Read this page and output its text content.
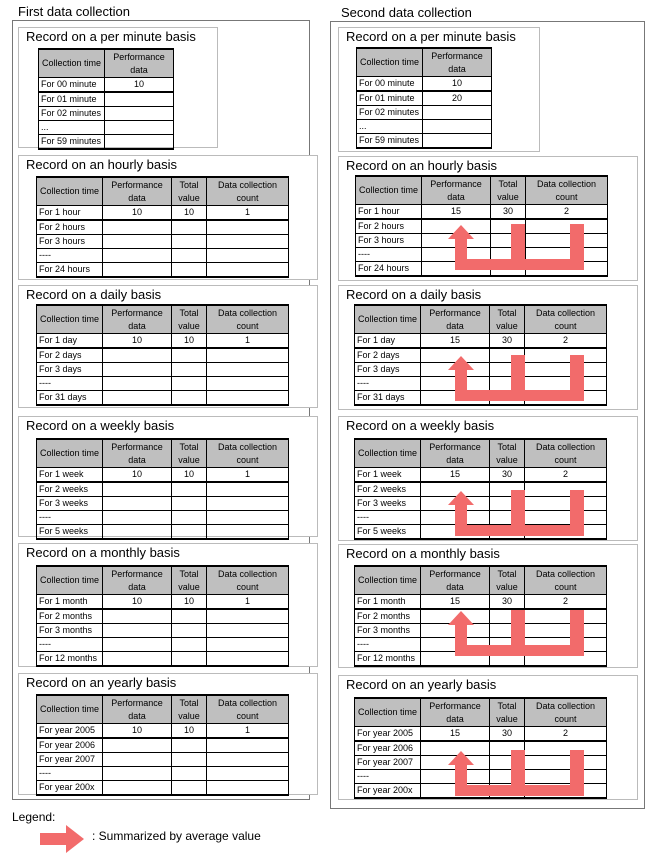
First data collection	Second data collection
Record on a per minute basis
Collection time	Performance data
For 00 minute	10
For 01 minute	
For 02 minutes	
...	
For 59 minutes	
Record on a per minute basis
Collection time	Performance data
For 00 minute	10
For 01 minute	20
For 02 minutes	
...	
For 59 minutes	
Record on an hourly basis
Collection time	Performance data	Total value	Data collection count
For 1 hour	10	10	1
For 2 hours			
For 3 hours			
----			
For 24 hours			
Record on an hourly basis
Collection time	Performance data	Total value	Data collection count
For 1 hour	15	30	2
For 2 hours			
For 3 hours			
----			
For 24 hours			
Record on a daily basis
Collection time	Performance data	Total value	Data collection count
For 1 day	10	10	1
For 2 days			
For 3 days			
----			
For 31 days			
Record on a daily basis
Collection time	Performance data	Total value	Data collection count
For 1 day	15	30	2
For 2 days			
For 3 days			
----			
For 31 days			
Record on a weekly basis
Collection time	Performance data	Total value	Data collection count
For 1 week	10	10	1
For 2 weeks			
For 3 weeks			
----			
For 5 weeks			
Record on a weekly basis
Collection time	Performance data	Total value	Data collection count
For 1 week	15	30	2
For 2 weeks			
For 3 weeks			
----			
For 5 weeks			
Record on a monthly basis
Collection time	Performance data	Total value	Data collection count
For 1 month	10	10	1
For 2 months			
For 3 months			
----			
For 12 months			
Record on a monthly basis
Collection time	Performance data	Total value	Data collection count
For 1 month	15	30	2
For 2 months			
For 3 months			
----			
For 12 months			
Record on an yearly basis
Collection time	Performance data	Total value	Data collection count
For year 2005	10	10	1
For year 2006			
For year 2007			
----			
For year 200x			
Record on an yearly basis
Collection time	Performance data	Total value	Data collection count
For year 2005	15	30	2
For year 2006			
For year 2007			
----			
For year 200x			
Legend:
: Summarized by average value
